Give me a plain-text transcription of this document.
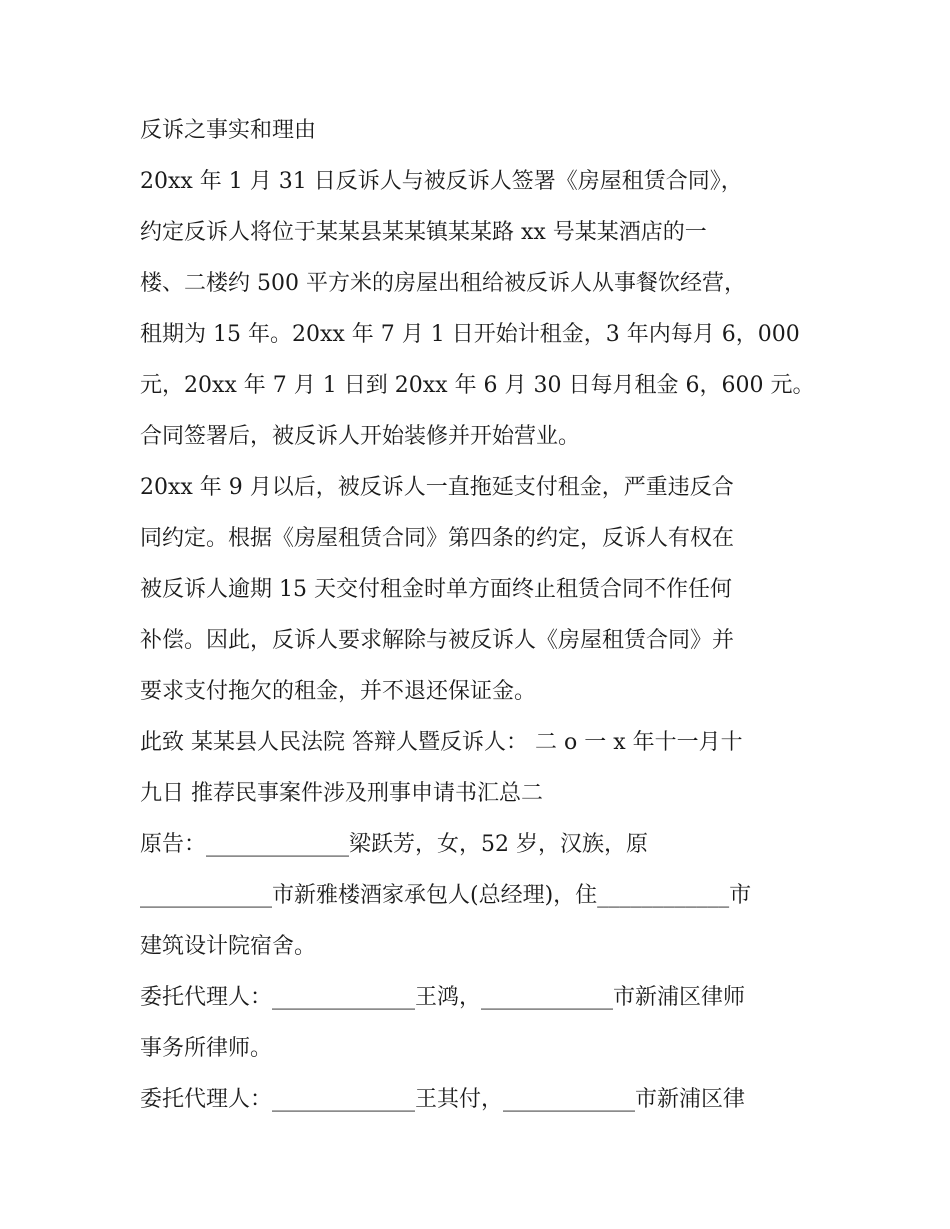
反诉之事实和理由
20xx 年 1 月 31 日反诉人与被反诉人签署《房屋租赁合同》，
约定反诉人将位于某某县某某镇某某路 xx 号某某酒店的一
楼、二楼约 500 平方米的房屋出租给被反诉人从事餐饮经营，
租期为 15 年。20xx 年 7 月 1 日开始计租金，3 年内每月 6，000
元，20xx 年 7 月 1 日到 20xx 年 6 月 30 日每月租金 6，600 元。
合同签署后，被反诉人开始装修并开始营业。
20xx 年 9 月以后，被反诉人一直拖延支付租金，严重违反合
同约定。根据《房屋租赁合同》第四条的约定，反诉人有权在
被反诉人逾期 15 天交付租金时单方面终止租赁合同不作任何
补偿。因此，反诉人要求解除与被反诉人《房屋租赁合同》并
要求支付拖欠的租金，并不退还保证金。
此致 某某县人民法院 答辩人暨反诉人： 二 o 一 x 年十一月十
九日 推荐民事案件涉及刑事申请书汇总二
原告：_____________梁跃芳，女，52 岁，汉族，原
____________市新雅楼酒家承包人(总经理)，住____________市
建筑设计院宿舍。
委托代理人：_____________王鸿，____________市新浦区律师
事务所律师。
委托代理人：_____________王其付，____________市新浦区律
